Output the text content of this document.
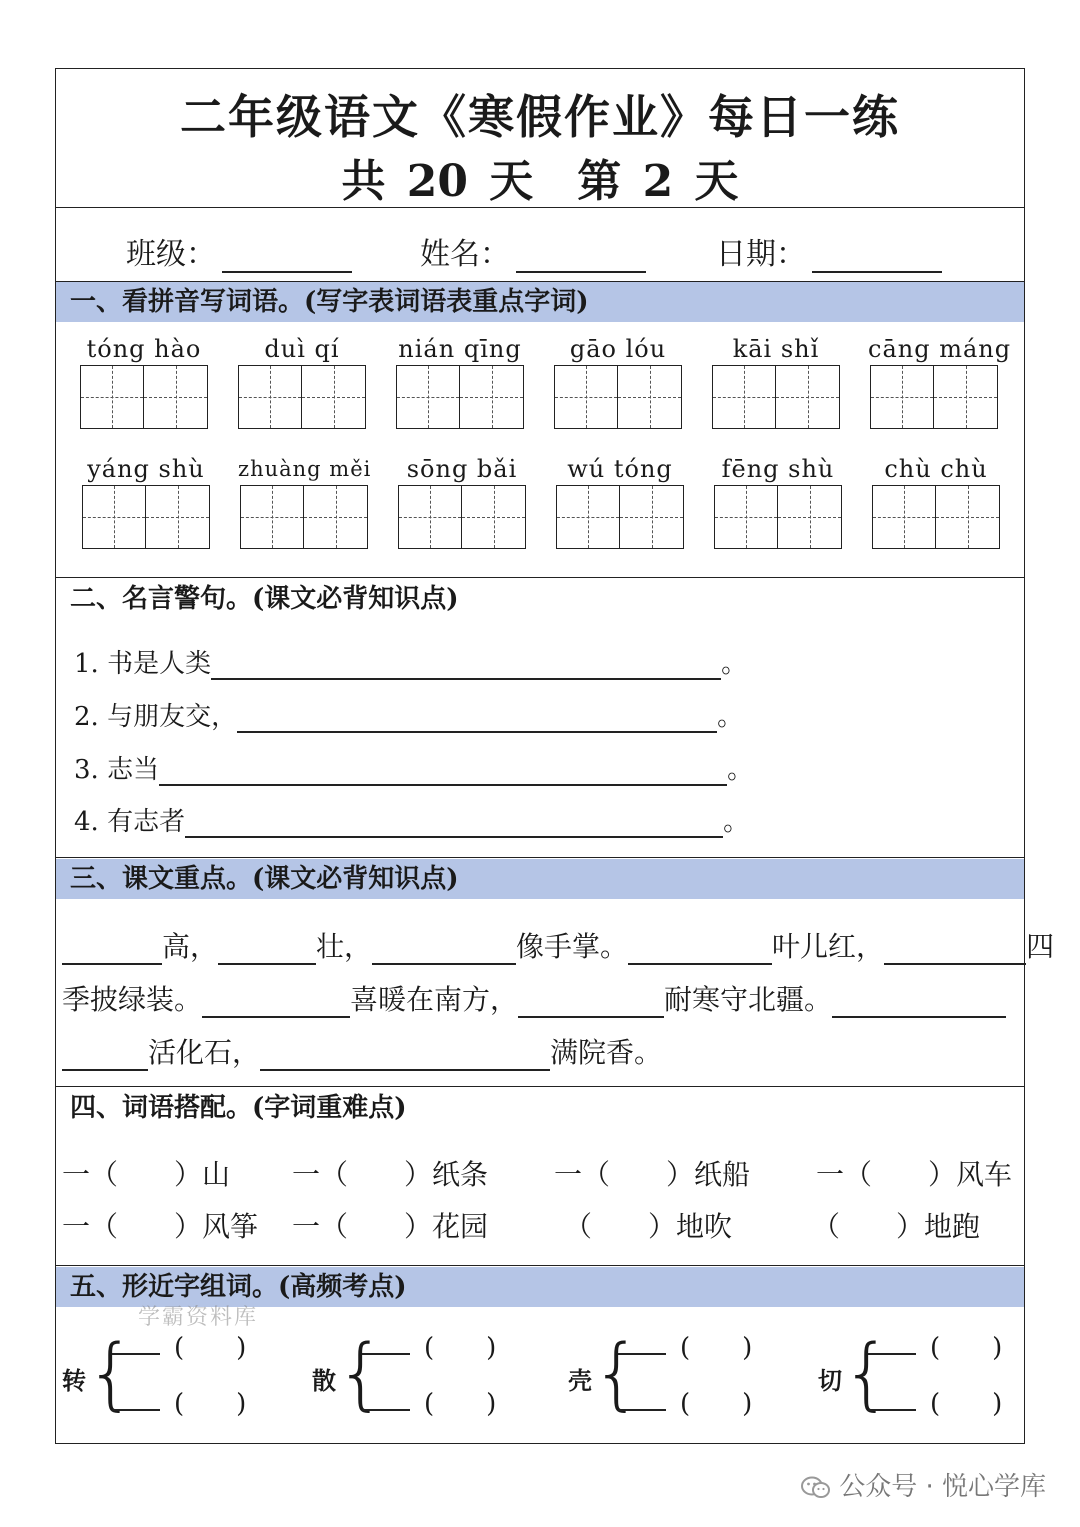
二年级语文《寒假作业》每日一练
共 20 天　第 2 天
班级：	姓名：	日期：
一、看拼音写词语。(写字表词语表重点字词)
tóng hào	duì qí	nián qīng	gāo lóu	kāi shǐ	cāng máng
yáng shù	zhuàng měi	sōng bǎi	wú tóng	fēng shù	chù chù
二、名言警句。(课文必背知识点)
1. 书是人类	。
2. 与朋友交，	。
3. 志当	。
4. 有志者	。
三、课文重点。(课文必背知识点)
高，	壮，	像手掌。	叶儿红，	四
季披绿装。	喜暖在南方，	耐寒守北疆。
活化石，	满院香。
四、词语搭配。(字词重难点)
一（　　）山 一（　　）纸条 一（　　）纸船 一（　　）风车
一（　　）风筝 一（　　）花园	（　　）地吹	（　　）地跑
五、形近字组词。(高频考点)
转 { (　　)
(　　)
散 { (　　)
(　　)
壳 { (　　)
(　　)
切 { (　　)
(　　)
学霸资料库
公众号 · 悦心学库
